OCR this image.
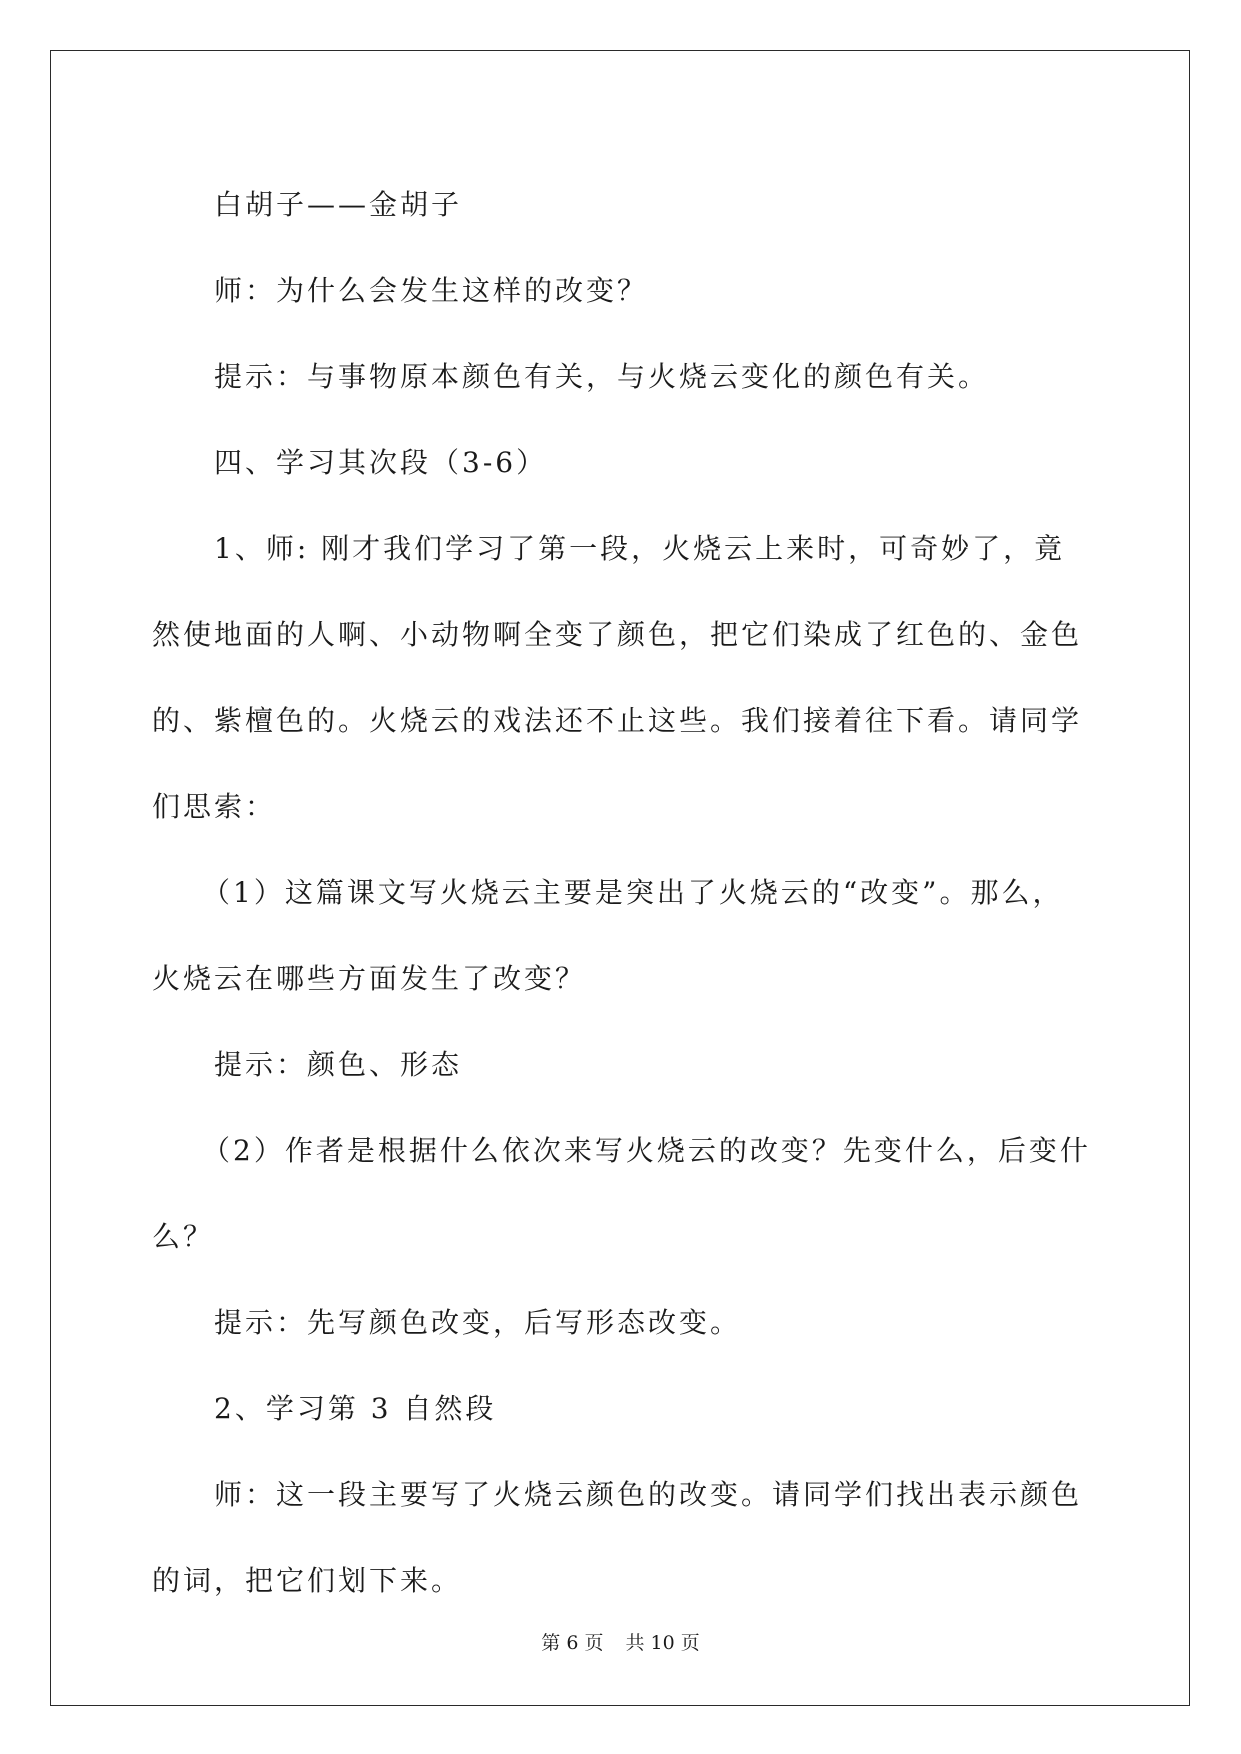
白胡子——金胡子

师：为什么会发生这样的改变？

提示：与事物原本颜色有关，与火烧云变化的颜色有关。

四、学习其次段（3-6）

1、师: 刚才我们学习了第一段，火烧云上来时，可奇妙了，竟然使地面的人啊、小动物啊全变了颜色，把它们染成了红色的、金色的、紫檀色的。火烧云的戏法还不止这些。我们接着往下看。请同学们思索：

（1）这篇课文写火烧云主要是突出了火烧云的“改变”。那么，火烧云在哪些方面发生了改变？

提示：颜色、形态

（2）作者是根据什么依次来写火烧云的改变？先变什么，后变什么？

提示：先写颜色改变，后写形态改变。

2、学习第 3 自然段

师：这一段主要写了火烧云颜色的改变。请同学们找出表示颜色的词，把它们划下来。

第 6 页 共 10 页
